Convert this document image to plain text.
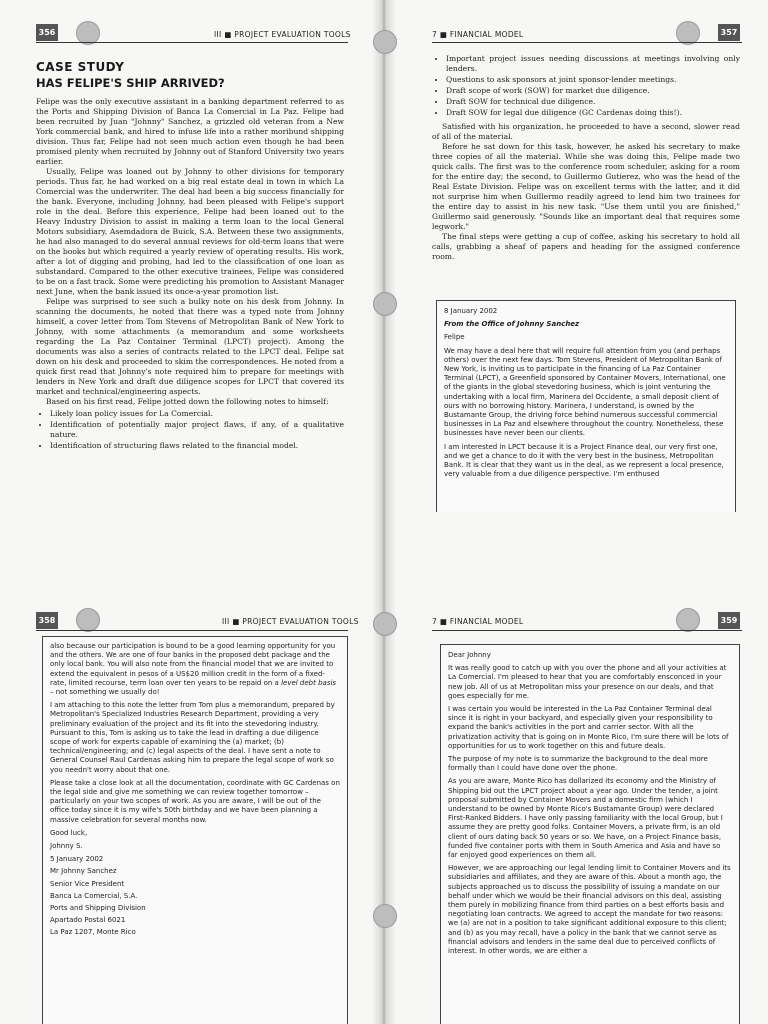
356	III ■ PROJECT EVALUATION TOOLS
CASE STUDY
HAS FELIPE'S SHIP ARRIVED?

Felipe was the only executive assistant in a banking department referred to as the Ports and Shipping Division of Banca La Comercial in La Paz. Felipe had been recruited by Juan "Johnny" Sanchez, a grizzled old veteran from a New York commercial bank, and hired to infuse life into a rather moribund shipping division. Thus far, Felipe had not seen much action even though he had been promised plenty when recruited by Johnny out of Stanford University two years earlier.

Usually, Felipe was loaned out by Johnny to other divisions for temporary periods. Thus far, he had worked on a big real estate deal in town in which La Comercial was the underwriter. The deal had been a big success financially for the bank. Everyone, including Johnny, had been pleased with Felipe's support role in the deal. Before this experience, Felipe had been loaned out to the Heavy Industry Division to assist in making a term loan to the local General Motors subsidiary, Asemdadora de Buick, S.A. Between these two assignments, he had also managed to do several annual reviews for old-term loans that were on the books but which required a yearly review of operating results. His work, after a lot of digging and probing, had led to the classification of one loan as substandard. Compared to the other executive trainees, Felipe was considered to be on a fast track. Some were predicting his promotion to Assistant Manager next June, when the bank issued its once-a-year promotion list.

Felipe was surprised to see such a bulky note on his desk from Johnny. In scanning the documents, he noted that there was a typed note from Johnny himself, a cover letter from Tom Stevens of Metropolitan Bank of New York to Johnny, with some attachments (a memorandum and some worksheets regarding the La Paz Container Terminal (LPCT) project). Among the documents was also a series of contracts related to the LPCT deal. Felipe sat down on his desk and proceeded to skim the correspondences. He noted from a quick first read that Johnny's note required him to prepare for meetings with lenders in New York and draft due diligence scopes for LPCT that covered its market and technical/engineering aspects.

Based on his first read, Felipe jotted down the following notes to himself:

• Likely loan policy issues for La Comercial.
• Identification of potentially major project flaws, if any, of a qualitative nature.
• Identification of structuring flaws related to the financial model.
7 ■ FINANCIAL MODEL	357
• Important project issues needing discussions at meetings involving only lenders.
• Questions to ask sponsors at joint sponsor-lender meetings.
• Draft scope of work (SOW) for market due diligence.
• Draft SOW for technical due diligence.
• Draft SOW for legal due diligence (GC Cardenas doing this!).

Satisfied with his organization, he proceeded to have a second, slower read of all of the material.

Before he sat down for this task, however, he asked his secretary to make three copies of all the material. While she was doing this, Felipe made two quick calls. The first was to the conference room scheduler, asking for a room for the entire day; the second, to Guillermo Gutierez, who was the head of the Real Estate Division. Felipe was on excellent terms with the latter, and it did not surprise him when Guillermo readily agreed to lend him two trainees for the entire day to assist in his new task. "Use them until you are finished," Guillermo said generously. "Sounds like an important deal that requires some legwork."

The final steps were getting a cup of coffee, asking his secretary to hold all calls, grabbing a sheaf of papers and heading for the assigned conference room.

8 January 2002
From the Office of Johnny Sanchez

Felipe

We may have a deal here that will require full attention from you (and perhaps others) over the next few days. Tom Stevens, President of Metropolitan Bank of New York, is inviting us to participate in the financing of La Paz Container Terminal (LPCT), a Greenfield sponsored by Container Movers, International, one of the giants in the global stevedoring business, which is joint venturing the undertaking with a local firm, Marinera del Occidente, a small deposit client of ours with no borrowing history. Marinera, I understand, is owned by the Bustamante Group, the driving force behind numerous successful commercial businesses in La Paz and elsewhere throughout the country. Nonetheless, these businesses have never been our clients.

I am interested in LPCT because it is a Project Finance deal, our very first one, and we get a chance to do it with the very best in the business, Metropolitan Bank. It is clear that they want us in the deal, as we represent a local presence, very valuable from a due diligence perspective. I'm enthused

358	III ■ PROJECT EVALUATION TOOLS

also because our participation is bound to be a good learning opportunity for you and the others. We are one of four banks in the proposed debt package and the only local bank. You will also note from the financial model that we are invited to extend the equivalent in pesos of a US$20 million credit in the form of a fixed-rate, limited recourse, term loan over ten years to be repaid on a level debt basis – not something we usually do!

I am attaching to this note the letter from Tom plus a memorandum, prepared by Metropolitan's Specialized Industries Research Department, providing a very preliminary evaluation of the project and its fit into the stevedoring industry. Pursuant to this, Tom is asking us to take the lead in drafting a due diligence scope of work for experts capable of examining the (a) market; (b) technical/engineering; and (c) legal aspects of the deal. I have sent a note to General Counsel Raul Cardenas asking him to prepare the legal scope of work so you needn't worry about that one.

Please take a close look at all the documentation, coordinate with GC Cardenas on the legal side and give me something we can review together tomorrow – particularly on your two scopes of work. As you are aware, I will be out of the office today since it is my wife's 50th birthday and we have been planning a massive celebration for several months now.

Good luck,

Johnny S.

5 January 2002
Mr Johnny Sanchez
Senior Vice President
Banca La Comercial, S.A.
Ports and Shipping Division
Apartado Postal 6021
La Paz 1207, Monte Rico
7 ■ FINANCIAL MODEL	359

Dear Johnny

It was really good to catch up with you over the phone and all your activities at La Comercial. I'm pleased to hear that you are comfortably ensconced in your new job. All of us at Metropolitan miss your presence on our deals, and that goes especially for me.

I was certain you would be interested in the La Paz Container Terminal deal since it is right in your backyard, and especially given your responsibility to expand the bank's activities in the port and carrier sector. With all the privatization activity that is going on in Monte Rico, I'm sure there will be lots of opportunities for us to work together on this and future deals.

The purpose of my note is to summarize the background to the deal more formally than I could have done over the phone.

As you are aware, Monte Rico has dollarized its economy and the Ministry of Shipping bid out the LPCT project about a year ago. Under the tender, a joint proposal submitted by Container Movers and a domestic firm (which I understand to be owned by Monte Rico's Bustamante Group) were declared First-Ranked Bidders. I have only passing familiarity with the local Group, but I assume they are pretty good folks. Container Movers, a private firm, is an old client of ours dating back 50 years or so. We have, on a Project Finance basis, funded five container ports with them in South America and Asia and have so far enjoyed good experiences on them all.

However, we are approaching our legal lending limit to Container Movers and its subsidiaries and affiliates, and they are aware of this. About a month ago, the subjects approached us to discuss the possibility of issuing a mandate on our behalf under which we would be their financial advisors on this deal, assisting them purely in mobilizing finance from third parties on a best efforts basis and negotiating loan contracts. We agreed to accept the mandate for two reasons: we (a) are not in a position to take significant additional exposure to this client; and (b) as you may recall, have a policy in the bank that we cannot serve as financial advisors and lenders in the same deal due to perceived conflicts of interest. In other words, we are either a
